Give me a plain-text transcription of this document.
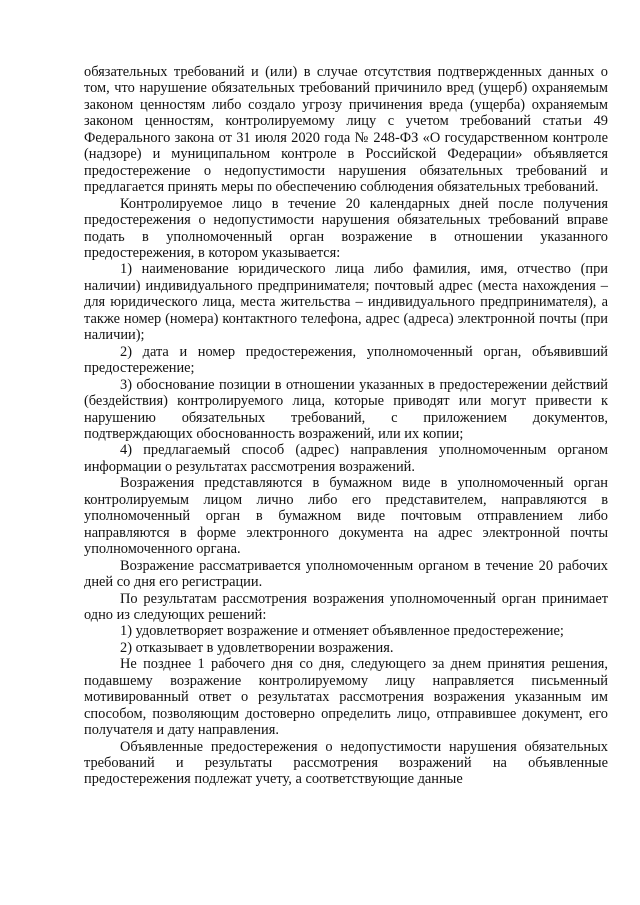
обязательных требований и (или) в случае отсутствия подтвержденных данных о том, что нарушение обязательных требований причинило вред (ущерб) охраняемым законом ценностям либо создало угрозу причинения вреда (ущерба) охраняемым законом ценностям, контролируемому лицу с учетом требований статьи 49 Федерального закона от 31 июля 2020 года № 248-ФЗ «О государственном контроле (надзоре) и муниципальном контроле в Российской Федерации» объявляется предостережение о недопустимости нарушения обязательных требований и предлагается принять меры по обеспечению соблюдения обязательных требований.

Контролируемое лицо в течение 20 календарных дней после получения предостережения о недопустимости нарушения обязательных требований вправе подать в уполномоченный орган возражение в отношении указанного предостережения, в котором указывается:

1) наименование юридического лица либо фамилия, имя, отчество (при наличии) индивидуального предпринимателя; почтовый адрес (места нахождения – для юридического лица, места жительства – индивидуального предпринимателя), а также номер (номера) контактного телефона, адрес (адреса) электронной почты (при наличии);

2) дата и номер предостережения, уполномоченный орган, объявивший предостережение;

3) обоснование позиции в отношении указанных в предостережении действий (бездействия) контролируемого лица, которые приводят или могут привести к нарушению обязательных требований, с приложением документов, подтверждающих обоснованность возражений, или их копии;

4) предлагаемый способ (адрес) направления уполномоченным органом информации о результатах рассмотрения возражений.

Возражения представляются в бумажном виде в уполномоченный орган контролируемым лицом лично либо его представителем, направляются в уполномоченный орган в бумажном виде почтовым отправлением либо направляются в форме электронного документа на адрес электронной почты уполномоченного органа.

Возражение рассматривается уполномоченным органом в течение 20 рабочих дней со дня его регистрации.

По результатам рассмотрения возражения уполномоченный орган принимает одно из следующих решений:

1) удовлетворяет возражение и отменяет объявленное предостережение;

2) отказывает в удовлетворении возражения.

Не позднее 1 рабочего дня со дня, следующего за днем принятия решения, подавшему возражение контролируемому лицу направляется письменный мотивированный ответ о результатах рассмотрения возражения указанным им способом, позволяющим достоверно определить лицо, отправившее документ, его получателя и дату направления.

Объявленные предостережения о недопустимости нарушения обязательных требований и результаты рассмотрения возражений на объявленные предостережения подлежат учету, а соответствующие данные
